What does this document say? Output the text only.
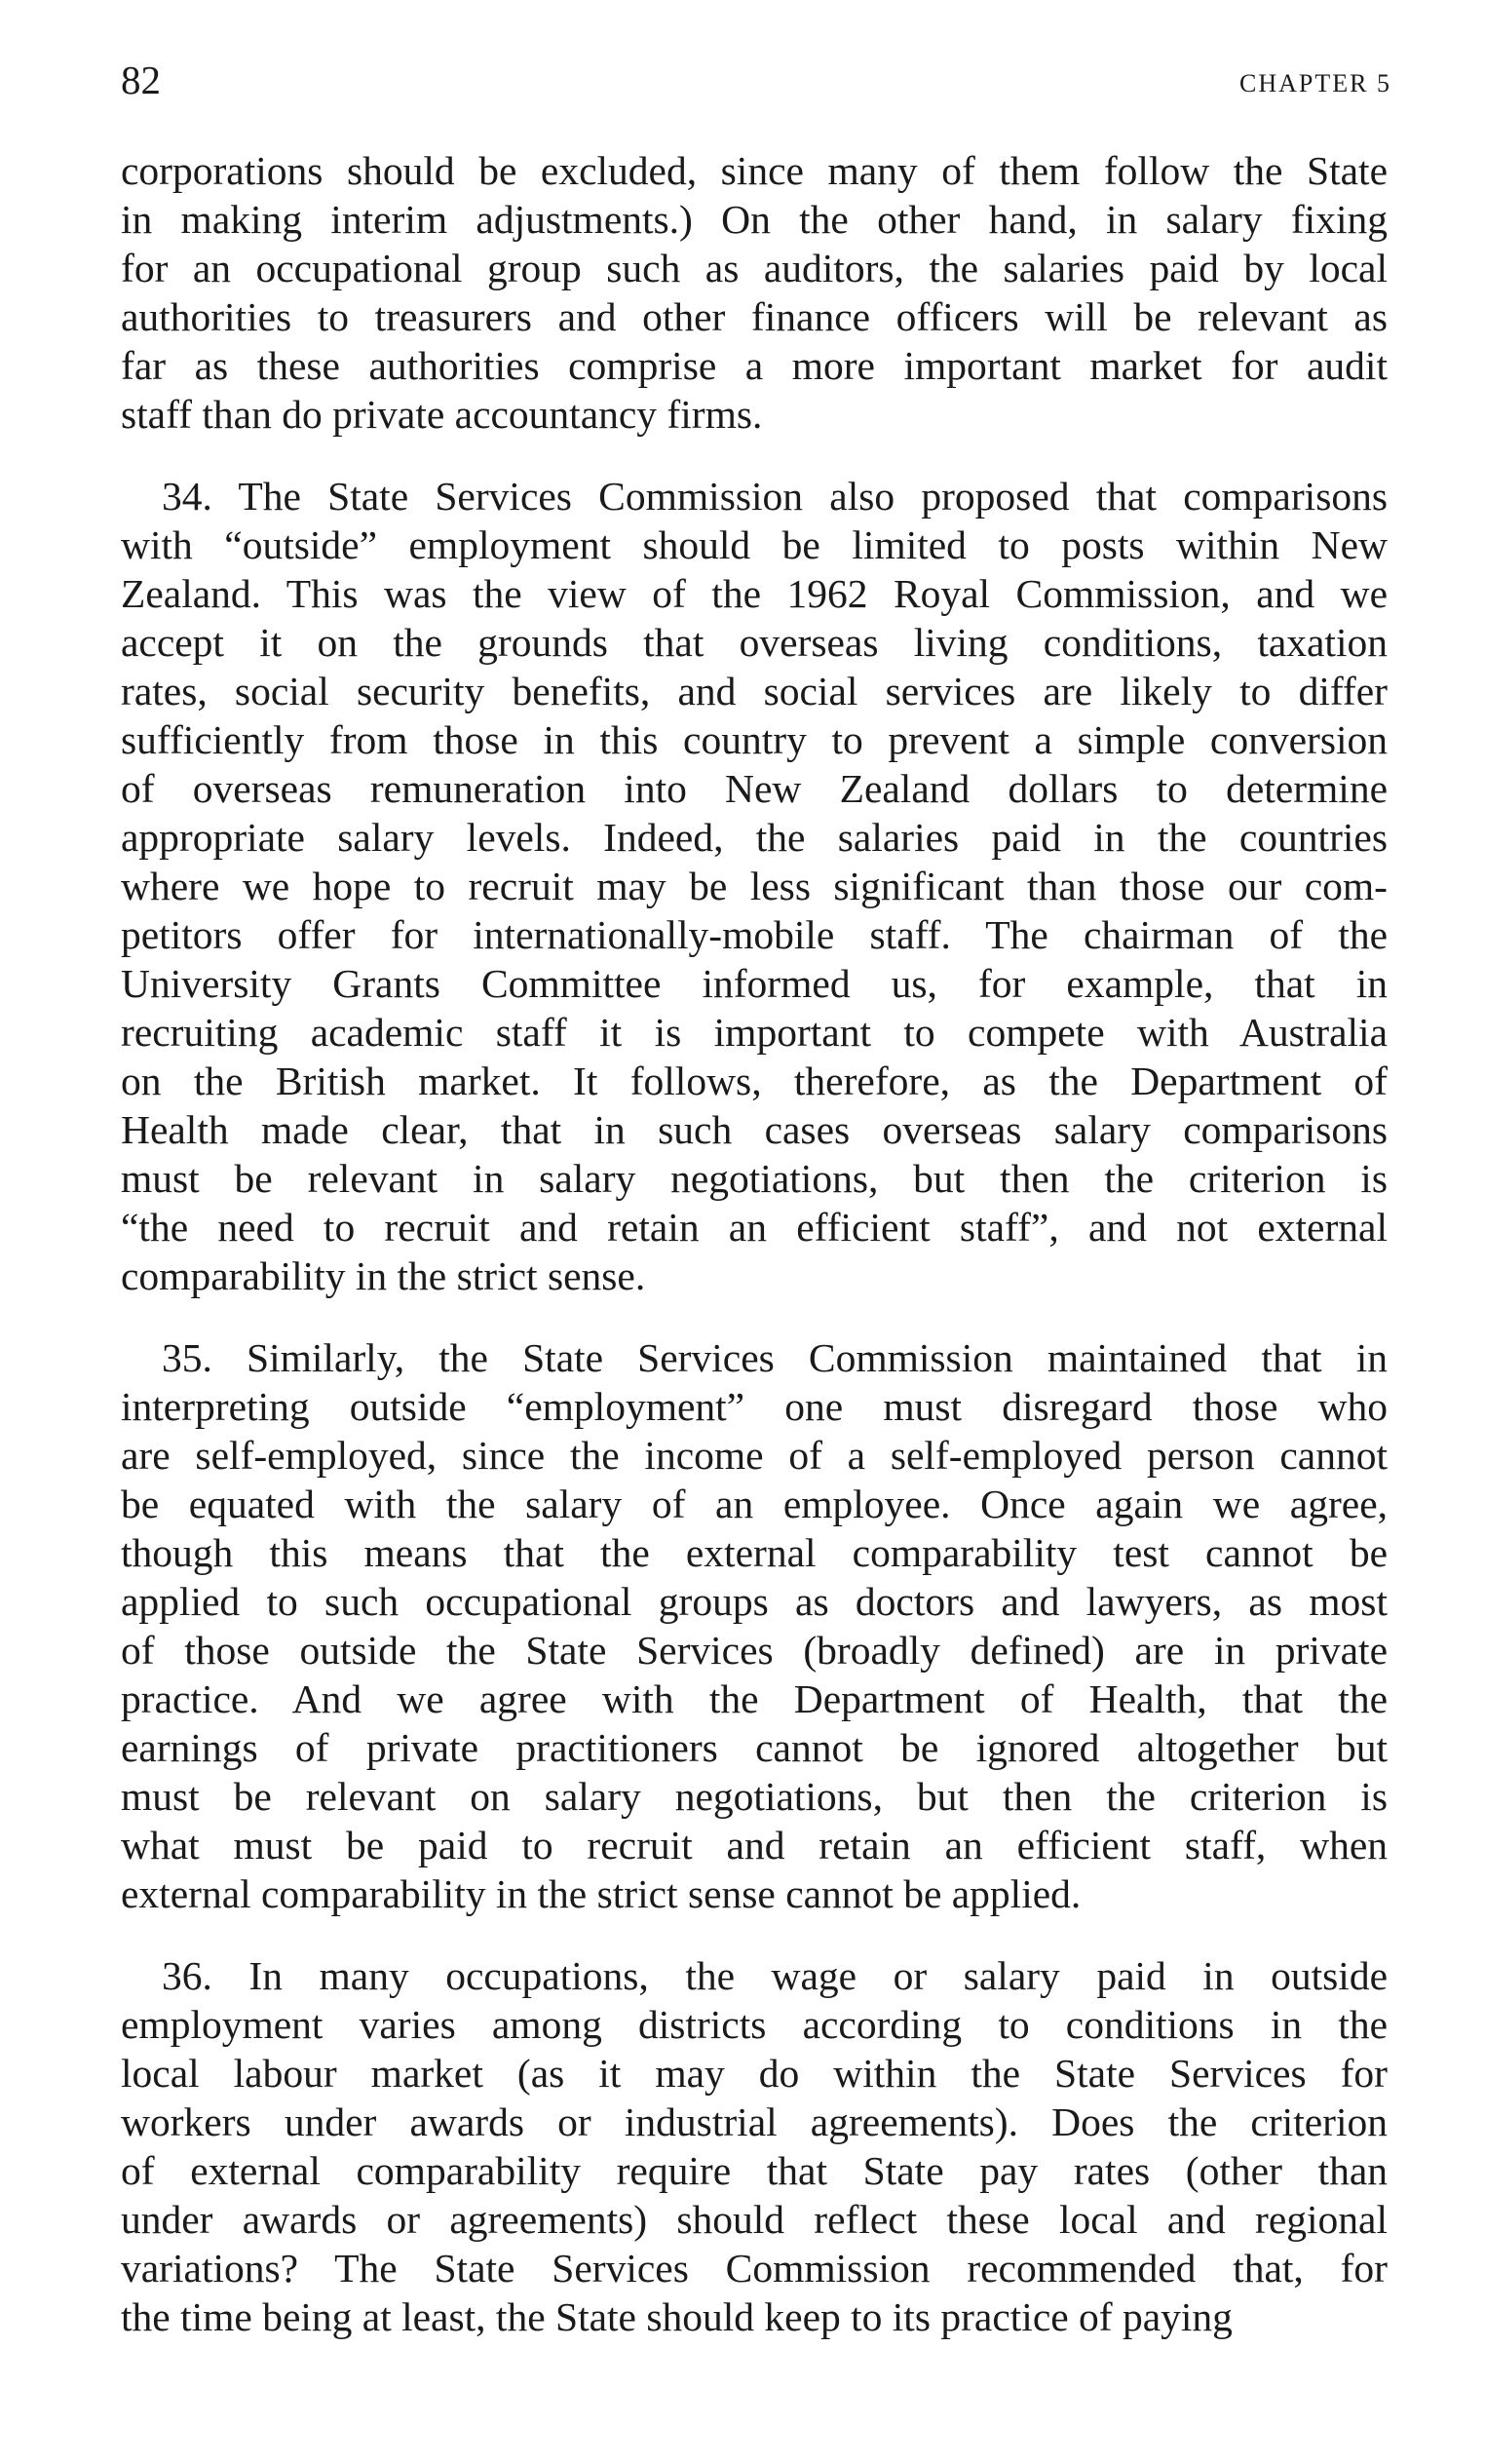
82	CHAPTER 5
corporations should be excluded, since many of them follow the State
in making interim adjustments.) On the other hand, in salary fixing
for an occupational group such as auditors, the salaries paid by local
authorities to treasurers and other finance officers will be relevant as
far as these authorities comprise a more important market for audit
staff than do private accountancy firms.
34. The State Services Commission also proposed that comparisons
with “outside” employment should be limited to posts within New
Zealand. This was the view of the 1962 Royal Commission, and we
accept it on the grounds that overseas living conditions, taxation
rates, social security benefits, and social services are likely to differ
sufficiently from those in this country to prevent a simple conversion
of overseas remuneration into New Zealand dollars to determine
appropriate salary levels. Indeed, the salaries paid in the countries
where we hope to recruit may be less significant than those our com-
petitors offer for internationally-mobile staff. The chairman of the
University Grants Committee informed us, for example, that in
recruiting academic staff it is important to compete with Australia
on the British market. It follows, therefore, as the Department of
Health made clear, that in such cases overseas salary comparisons
must be relevant in salary negotiations, but then the criterion is
“the need to recruit and retain an efficient staff”, and not external
comparability in the strict sense.
35. Similarly, the State Services Commission maintained that in
interpreting outside “employment” one must disregard those who
are self-employed, since the income of a self-employed person cannot
be equated with the salary of an employee. Once again we agree,
though this means that the external comparability test cannot be
applied to such occupational groups as doctors and lawyers, as most
of those outside the State Services (broadly defined) are in private
practice. And we agree with the Department of Health, that the
earnings of private practitioners cannot be ignored altogether but
must be relevant on salary negotiations, but then the criterion is
what must be paid to recruit and retain an efficient staff, when
external comparability in the strict sense cannot be applied.
36. In many occupations, the wage or salary paid in outside
employment varies among districts according to conditions in the
local labour market (as it may do within the State Services for
workers under awards or industrial agreements). Does the criterion
of external comparability require that State pay rates (other than
under awards or agreements) should reflect these local and regional
variations? The State Services Commission recommended that, for
the time being at least, the State should keep to its practice of paying
